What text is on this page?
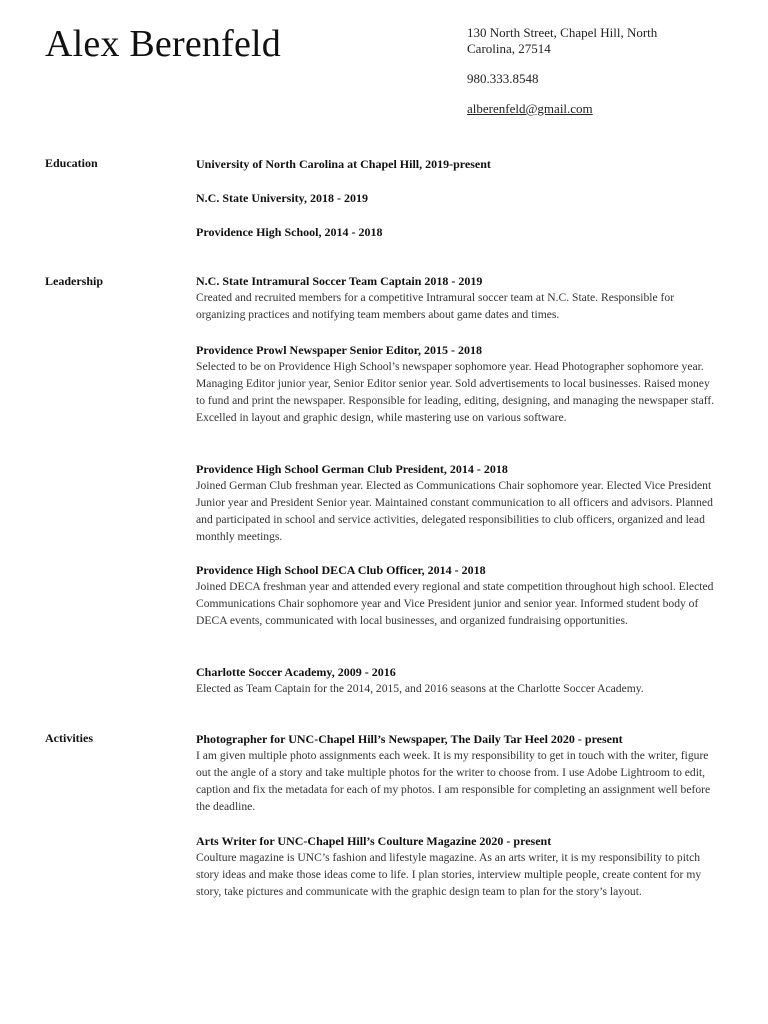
Alex Berenfeld	130 North Street, Chapel Hill, North Carolina, 27514

980.333.8548

alberenfeld@gmail.com
Education	University of North Carolina at Chapel Hill, 2019-present

N.C. State University, 2018 - 2019

Providence High School, 2014 - 2018

Leadership	N.C. State Intramural Soccer Team Captain 2018 - 2019

Created and recruited members for a competitive Intramural soccer team at N.C. State. Responsible for organizing practices and notifying team members about game dates and times.

Providence Prowl Newspaper Senior Editor, 2015 - 2018

Selected to be on Providence High School’s newspaper sophomore year. Head Photographer sophomore year. Managing Editor junior year, Senior Editor senior year. Sold advertisements to local businesses. Raised money to fund and print the newspaper. Responsible for leading, editing, designing, and managing the newspaper staff. Excelled in layout and graphic design, while mastering use on various software.

Providence High School German Club President, 2014 - 2018

Joined German Club freshman year. Elected as Communications Chair sophomore year. Elected Vice President Junior year and President Senior year. Maintained constant communication to all officers and advisors. Planned and participated in school and service activities, delegated responsibilities to club officers, organized and lead monthly meetings.

Providence High School DECA Club Officer, 2014 - 2018

Joined DECA freshman year and attended every regional and state competition throughout high school. Elected Communications Chair sophomore year and Vice President junior and senior year. Informed student body of DECA events, communicated with local businesses, and organized fundraising opportunities.

Charlotte Soccer Academy, 2009 - 2016

Elected as Team Captain for the 2014, 2015, and 2016 seasons at the Charlotte Soccer Academy.

Activities	Photographer for UNC-Chapel Hill’s Newspaper, The Daily Tar Heel 2020 - present

I am given multiple photo assignments each week. It is my responsibility to get in touch with the writer, figure out the angle of a story and take multiple photos for the writer to choose from. I use Adobe Lightroom to edit, caption and fix the metadata for each of my photos. I am responsible for completing an assignment well before the deadline.

Arts Writer for UNC-Chapel Hill’s Coulture Magazine 2020 - present

Coulture magazine is UNC’s fashion and lifestyle magazine. As an arts writer, it is my responsibility to pitch story ideas and make those ideas come to life. I plan stories, interview multiple people, create content for my story, take pictures and communicate with the graphic design team to plan for the story’s layout.
